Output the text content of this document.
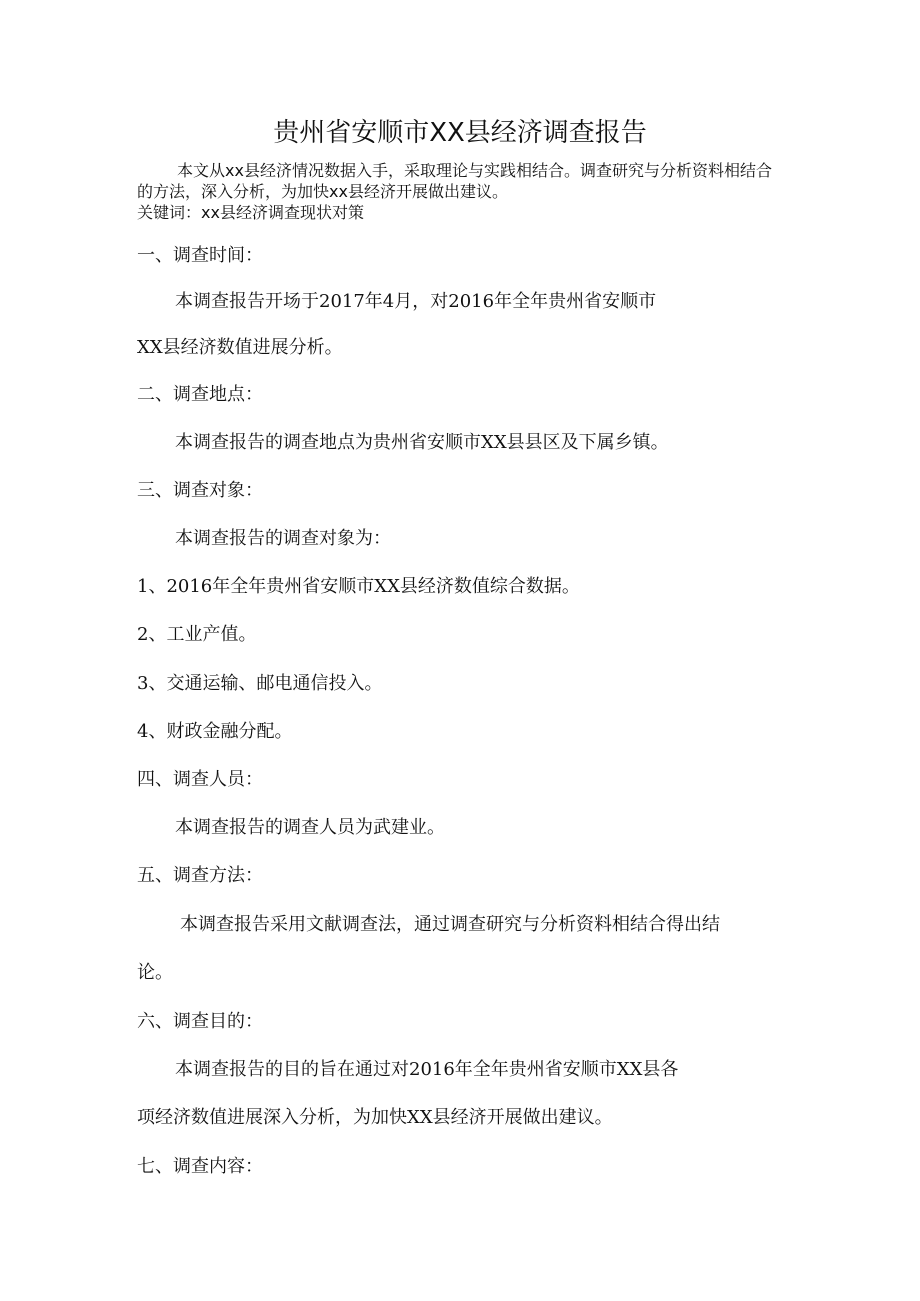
贵州省安顺市XX县经济调查报告

本文从xx县经济情况数据入手，采取理论与实践相结合。调查研究与分析资料相结合的方法，深入分析，为加快xx县经济开展做出建议。

关键词：xx县经济调查现状对策

一、调查时间：
本调查报告开场于2017年4月，对2016年全年贵州省安顺市
XX县经济数值进展分析。
二、调查地点：
本调查报告的调查地点为贵州省安顺市XX县县区及下属乡镇。
三、调查对象：
本调查报告的调查对象为：
1、2016年全年贵州省安顺市XX县经济数值综合数据。
2、工业产值。
3、交通运输、邮电通信投入。
4、财政金融分配。
四、调查人员：
本调查报告的调查人员为武建业。
五、调查方法：
本调查报告采用文献调查法，通过调查研究与分析资料相结合得出结
论。
六、调查目的：
本调查报告的目的旨在通过对2016年全年贵州省安顺市XX县各
项经济数值进展深入分析，为加快XX县经济开展做出建议。
七、调查内容：
